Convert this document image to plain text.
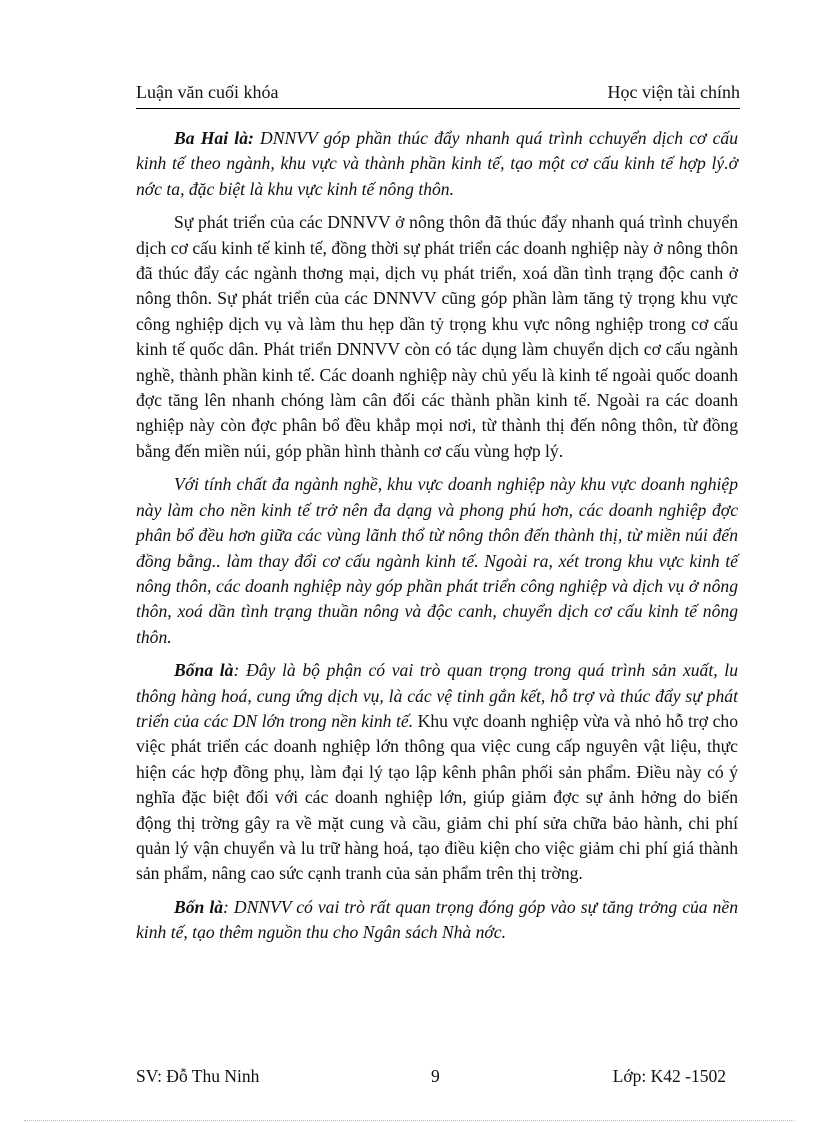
Luận văn cuối khóa	Học viện tài chính

Ba Hai là: DNNVV góp phần thúc đẩy nhanh quá trình cchuyển dịch cơ cấu kinh tế theo ngành, khu vực và thành phần kinh tế, tạo một cơ cấu kinh tế hợp lý.ở nớc ta, đặc biệt là khu vực kinh tế nông thôn.

Sự phát triển của các DNNVV ở nông thôn đã thúc đẩy nhanh quá trình chuyển dịch cơ cấu kinh tế kinh tế, đồng thời sự phát triển các doanh nghiệp này ở nông thôn đã thúc đẩy các ngành thơng mại, dịch vụ phát triển, xoá dần tình trạng độc canh ở nông thôn. Sự phát triển của các DNNVV cũng góp phần làm tăng tỷ trọng khu vực công nghiệp dịch vụ và làm thu hẹp dần tỷ trọng khu vực nông nghiệp trong cơ cấu kinh tế quốc dân. Phát triển DNNVV còn có tác dụng làm chuyển dịch cơ cấu ngành nghề, thành phần kinh tế. Các doanh nghiệp này chủ yếu là kinh tế ngoài quốc doanh đợc tăng lên nhanh chóng làm cân đối các thành phần kinh tế. Ngoài ra các doanh nghiệp này còn đợc phân bổ đều khắp mọi nơi, từ thành thị đến nông thôn, từ đồng bằng đến miền núi, góp phần hình thành cơ cấu vùng hợp lý.

Với tính chất đa ngành nghề, khu vực doanh nghiệp này khu vực doanh nghiệp này làm cho nền kinh tế trở nên đa dạng và phong phú hơn, các doanh nghiệp đợc phân bổ đều hơn giữa các vùng lãnh thổ từ nông thôn đến thành thị, từ miền núi đến đồng bằng.. làm thay đổi cơ cấu ngành kinh tế. Ngoài ra, xét trong khu vực kinh tế nông thôn, các doanh nghiệp này góp phần phát triển công nghiệp và dịch vụ ở nông thôn, xoá dần tình trạng thuần nông và độc canh, chuyển dịch cơ cấu kinh tế nông thôn.

Bốna là: Đây là bộ phận có vai trò quan trọng trong quá trình sản xuất, lu thông hàng hoá, cung ứng dịch vụ, là các vệ tinh gắn kết, hỗ trợ và thúc đẩy sự phát triển của các DN lớn trong nền kinh tế. Khu vực doanh nghiệp vừa và nhỏ hỗ trợ cho việc phát triển các doanh nghiệp lớn thông qua việc cung cấp nguyên vật liệu, thực hiện các hợp đồng phụ, làm đại lý tạo lập kênh phân phối sản phẩm. Điều này có ý nghĩa đặc biệt đối với các doanh nghiệp lớn, giúp giảm đợc sự ảnh hởng do biến động thị trờng gây ra về mặt cung và cầu, giảm chi phí sửa chữa bảo hành, chi phí quản lý vận chuyển và lu trữ hàng hoá, tạo điều kiện cho việc giảm chi phí giá thành sản phẩm, nâng cao sức cạnh tranh của sản phẩm trên thị trờng.

Bốn là: DNNVV có vai trò rất quan trọng đóng góp vào sự tăng trởng của nền kinh tế, tạo thêm nguồn thu cho Ngân sách Nhà nớc.

SV: Đỗ Thu Ninh	9	Lớp: K42 -1502
